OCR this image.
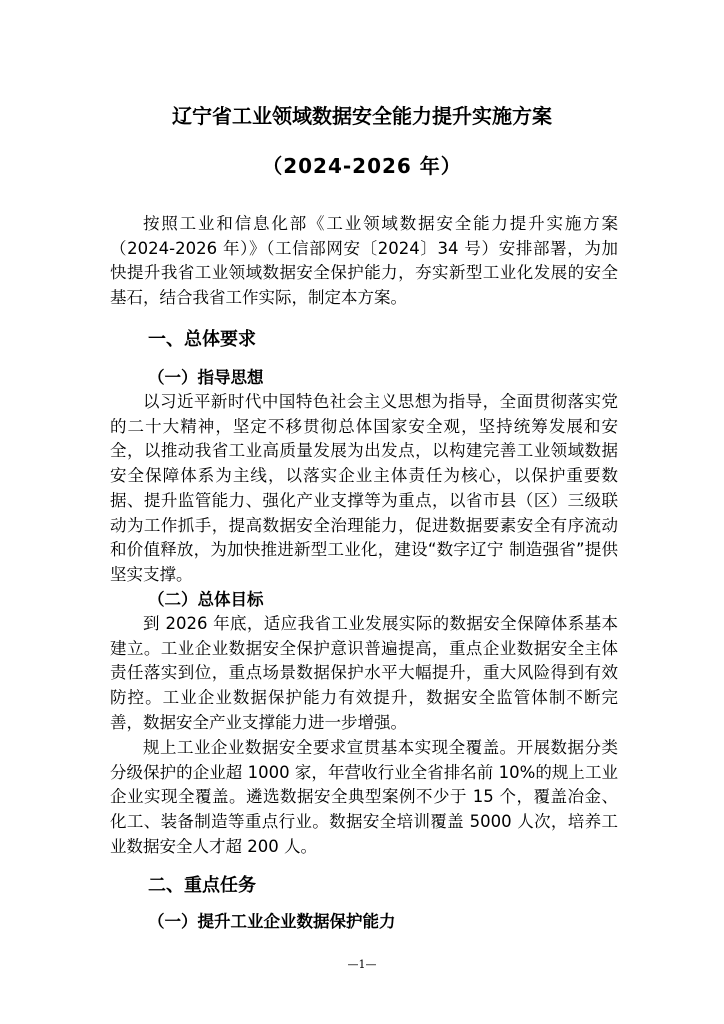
辽宁省工业领域数据安全能力提升实施方案
（2024-2026 年）

按照工业和信息化部《工业领域数据安全能力提升实施方案（2024-2026 年）》（工信部网安〔2024〕34 号）安排部署，为加快提升我省工业领域数据安全保护能力，夯实新型工业化发展的安全基石，结合我省工作实际，制定本方案。

一、总体要求
（一）指导思想

以习近平新时代中国特色社会主义思想为指导，全面贯彻落实党的二十大精神，坚定不移贯彻总体国家安全观，坚持统筹发展和安全，以推动我省工业高质量发展为出发点，以构建完善工业领域数据安全保障体系为主线，以落实企业主体责任为核心，以保护重要数据、提升监管能力、强化产业支撑等为重点，以省市县（区）三级联动为工作抓手，提高数据安全治理能力，促进数据要素安全有序流动和价值释放，为加快推进新型工业化，建设“数字辽宁 制造强省”提供坚实支撑。

（二）总体目标

到 2026 年底，适应我省工业发展实际的数据安全保障体系基本建立。工业企业数据安全保护意识普遍提高，重点企业数据安全主体责任落实到位，重点场景数据保护水平大幅提升，重大风险得到有效防控。工业企业数据保护能力有效提升，数据安全监管体制不断完善，数据安全产业支撑能力进一步增强。

规上工业企业数据安全要求宣贯基本实现全覆盖。开展数据分类分级保护的企业超 1000 家，年营收行业全省排名前 10%的规上工业企业实现全覆盖。遴选数据安全典型案例不少于 15 个，覆盖冶金、化工、装备制造等重点行业。数据安全培训覆盖 5000 人次，培养工业数据安全人才超 200 人。

二、重点任务
（一）提升工业企业数据保护能力
—1—
